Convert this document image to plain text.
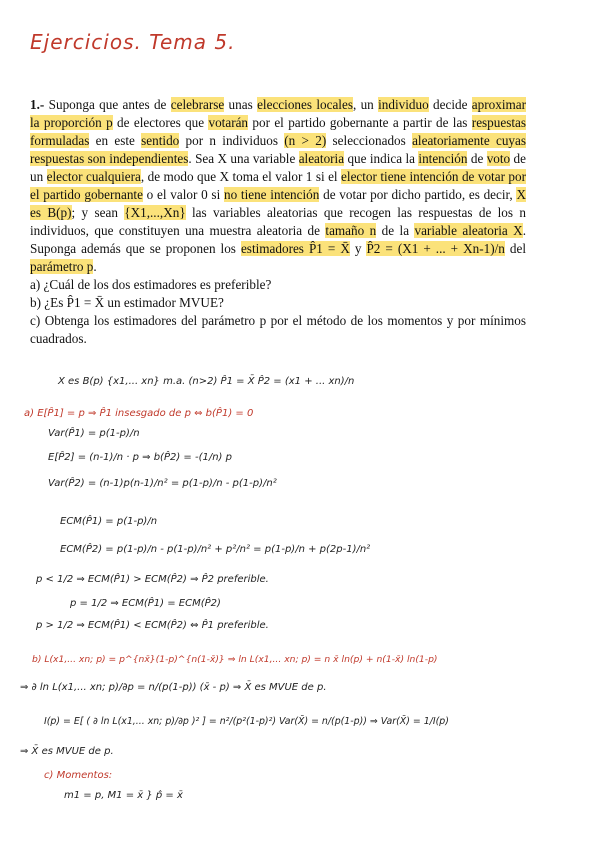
Ejercicios. Tema 5.

1.- Suponga que antes de celebrarse unas elecciones locales, un individuo decide aproximar la proporción p de electores que votarán por el partido gobernante a partir de las respuestas formuladas en este sentido por n individuos (n > 2) seleccionados aleatoriamente cuyas respuestas son independientes. Sea X una variable aleatoria que indica la intención de voto de un elector cualquiera, de modo que X toma el valor 1 si el elector tiene intención de votar por el partido gobernante o el valor 0 si no tiene intención de votar por dicho partido, es decir, X es B(p); y sean {X1,...,Xn} las variables aleatorias que recogen las respuestas de los n individuos, que constituyen una muestra aleatoria de tamaño n de la variable aleatoria X. Suponga además que se proponen los estimadores P̂1 = X̄ y P̂2 = (X1 + ... + Xn-1)/n del parámetro p.

a) ¿Cuál de los dos estimadores es preferible?

b) ¿Es P̂1 = X̄ un estimador MVUE?

c) Obtenga los estimadores del parámetro p por el método de los momentos y por mínimos cuadrados.

X es B(p) {x1,... xn} m.a. (n>2) P̂1 = X̄ P̂2 = (x1 + ... xn)/n
a) E[P̂1] = p ⇒ P̂1 insesgado de p ⇔ b(P̂1) = 0
Var(P̂1) = p(1-p)/n
E[P̂2] = (n-1)/n · p ⇒ b(P̂2) = -(1/n) p
Var(P̂2) = (n-1)p(n-1)/n² = p(1-p)/n - p(1-p)/n²
ECM(P̂1) = p(1-p)/n
ECM(P̂2) = p(1-p)/n - p(1-p)/n² + p²/n² = p(1-p)/n + p(2p-1)/n²
p < 1/2 ⇒ ECM(P̂1) > ECM(P̂2) ⇒ P̂2 preferible.
p = 1/2 ⇒ ECM(P̂1) = ECM(P̂2)
p > 1/2 ⇒ ECM(P̂1) < ECM(P̂2) ⇔ P̂1 preferible.
b) L(x1,... xn; p) = p^{nx̄}(1-p)^{n(1-x̄)} ⇒ ln L(x1,... xn; p) = n x̄ ln(p) + n(1-x̄) ln(1-p)
⇒ ∂ ln L(x1,... xn; p)/∂p = n/(p(1-p)) (x̄ - p) ⇒ X̄ es MVUE de p.
I(p) = E[ ( ∂ ln L(x1,... xn; p)/∂p )² ] = n²/(p²(1-p)²) Var(X̄) = n/(p(1-p)) ⇒ Var(X̄) = 1/I(p)
⇒ X̄ es MVUE de p.
c) Momentos:
m1 = p, M1 = x̄ } p̂ = x̄
